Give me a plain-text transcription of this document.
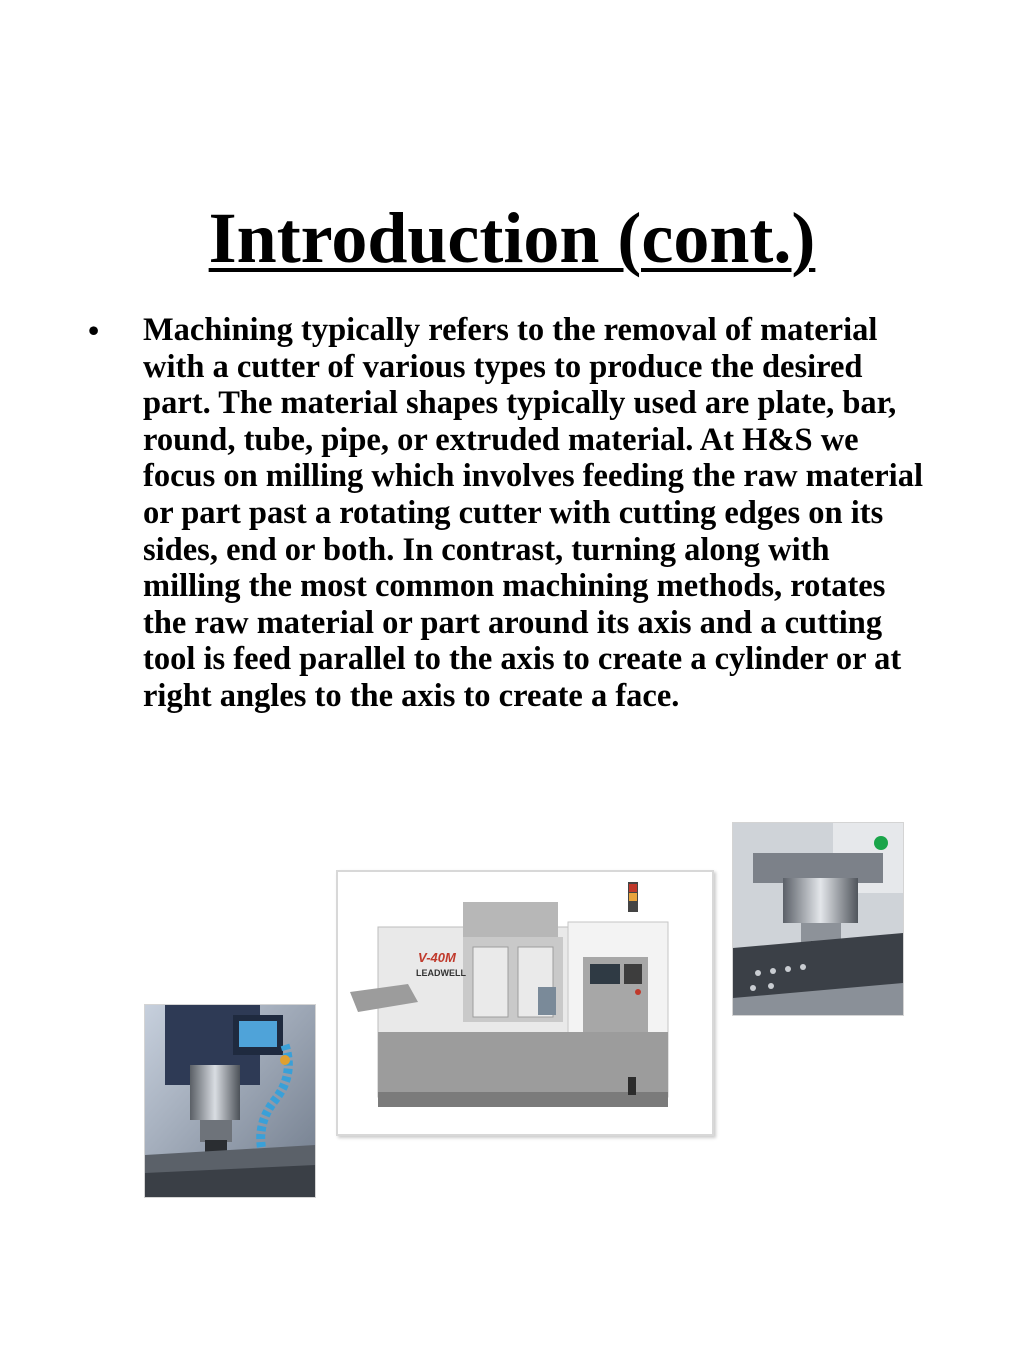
Introduction (cont.)
• Machining typically refers to the removal of material with a cutter of various types to produce the desired part. The material shapes typically used are plate, bar, round, tube, pipe, or extruded material. At H&S we focus on milling which involves feeding the raw material or part past a rotating cutter with cutting edges on its sides, end or both. In contrast, turning along with milling the most common machining methods, rotates the raw material or part around its axis and a cutting tool is feed parallel to the axis to create a cylinder or at right angles to the axis to create a face.
V-40M
LEADWELL
